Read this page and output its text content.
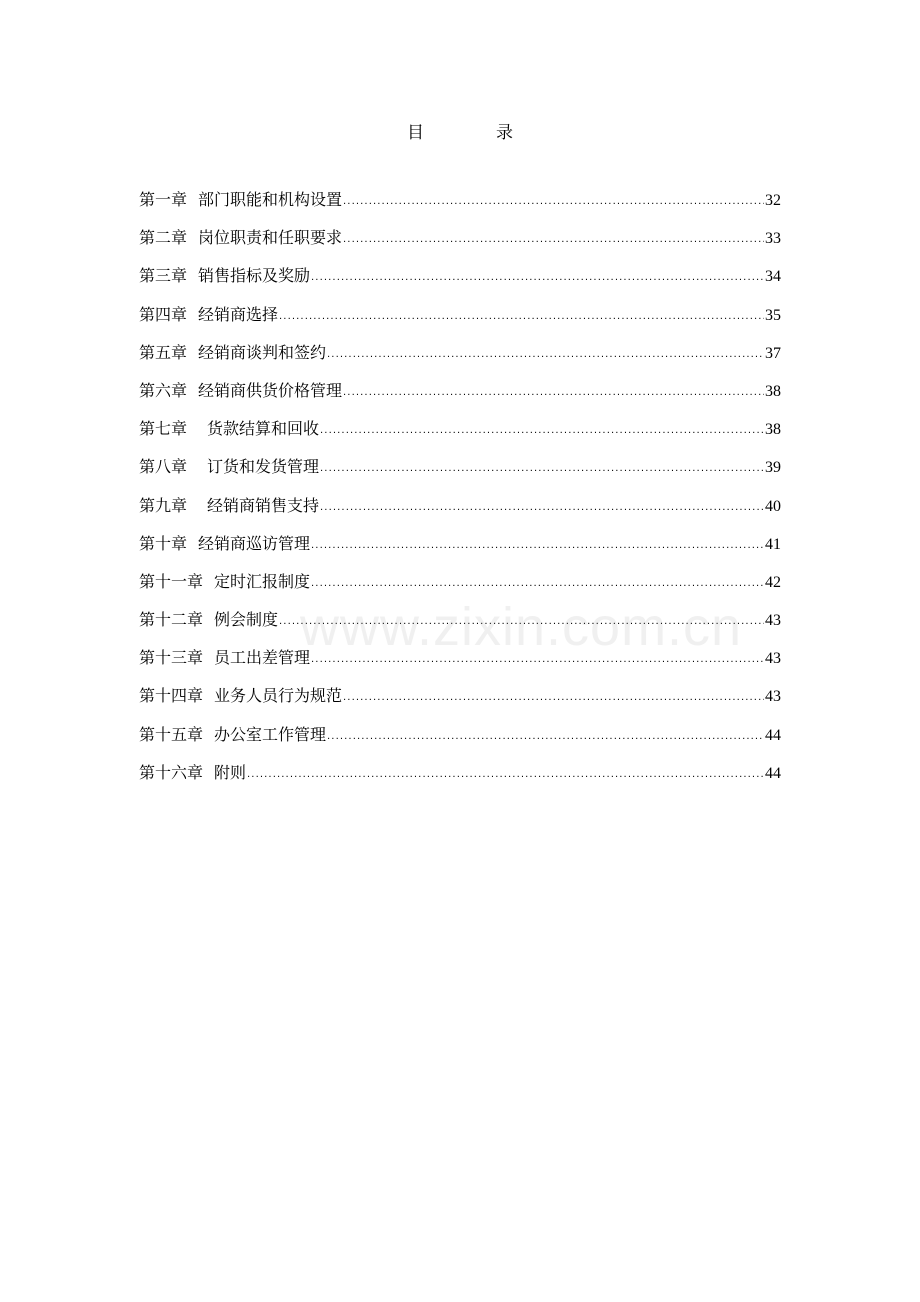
目	录
第一章 部门职能和机构设置 .....	32
第二章 岗位职责和任职要求 .....	33
第三章 销售指标及奖励 .....	34
第四章 经销商选择 .....	35
第五章 经销商谈判和签约 .....	37
第六章 经销商供货价格管理 .....	38
第七章 货款结算和回收 .....	38
第八章 订货和发货管理 .....	39
第九章 经销商销售支持 .....	40
第十章 经销商巡访管理 .....	41
第十一章 定时汇报制度 .....	42
第十二章 例会制度 .....	43
第十三章 员工出差管理 .....	43
第十四章 业务人员行为规范 .....	43
第十五章 办公室工作管理 .....	44
第十六章 附则 .....	44
www.zixin.com.cn
